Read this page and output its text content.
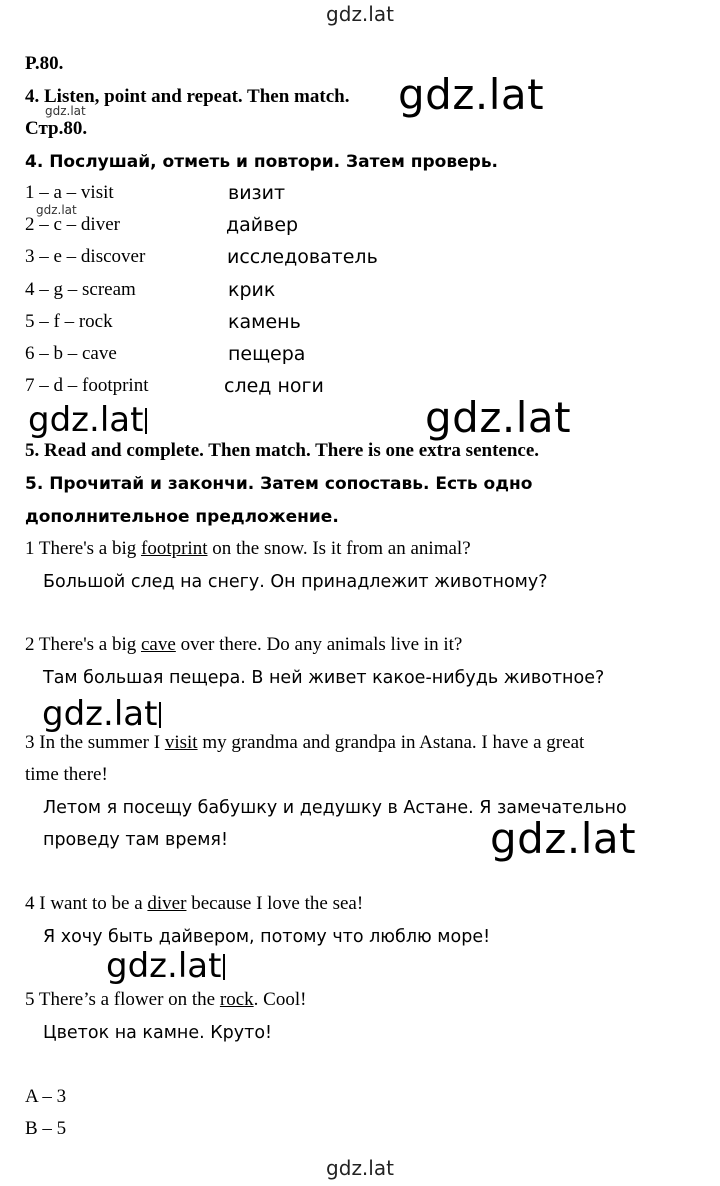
gdz.lat
P.80.
4. Listen, point and repeat. Then match.
Стр.80.
4. Послушай, отметь и повтори. Затем проверь.
1 – a – visit	визит
2 – c – diver	дайвер
3 – e – discover	исследователь
4 – g – scream	крик
5 – f – rock	камень
6 – b – cave	пещера
7 – d – footprint	след ноги
5. Read and complete. Then match. There is one extra sentence.
5. Прочитай и закончи. Затем сопоставь. Есть одно
дополнительное предложение.
1 There's a big footprint on the snow. Is it from an animal?
Большой след на снегу. Он принадлежит животному?
2 There's a big cave over there. Do any animals live in it?
Там большая пещера. В ней живет какое-нибудь животное?
3 In the summer I visit my grandma and grandpa in Astana. I have a great
time there!
Летом я посещу бабушку и дедушку в Астане. Я замечательно
проведу там время!
4 I want to be a diver because I love the sea!
Я хочу быть дайвером, потому что люблю море!
5 There’s a flower on the rock. Cool!
Цветок на камне. Круто!
A – 3
B – 5
gdz.lat
gdz.lat
gdz.lat
gdz.lat	gdz.lat
gdz.lat
gdz.lat
gdz.lat
gdz.lat
